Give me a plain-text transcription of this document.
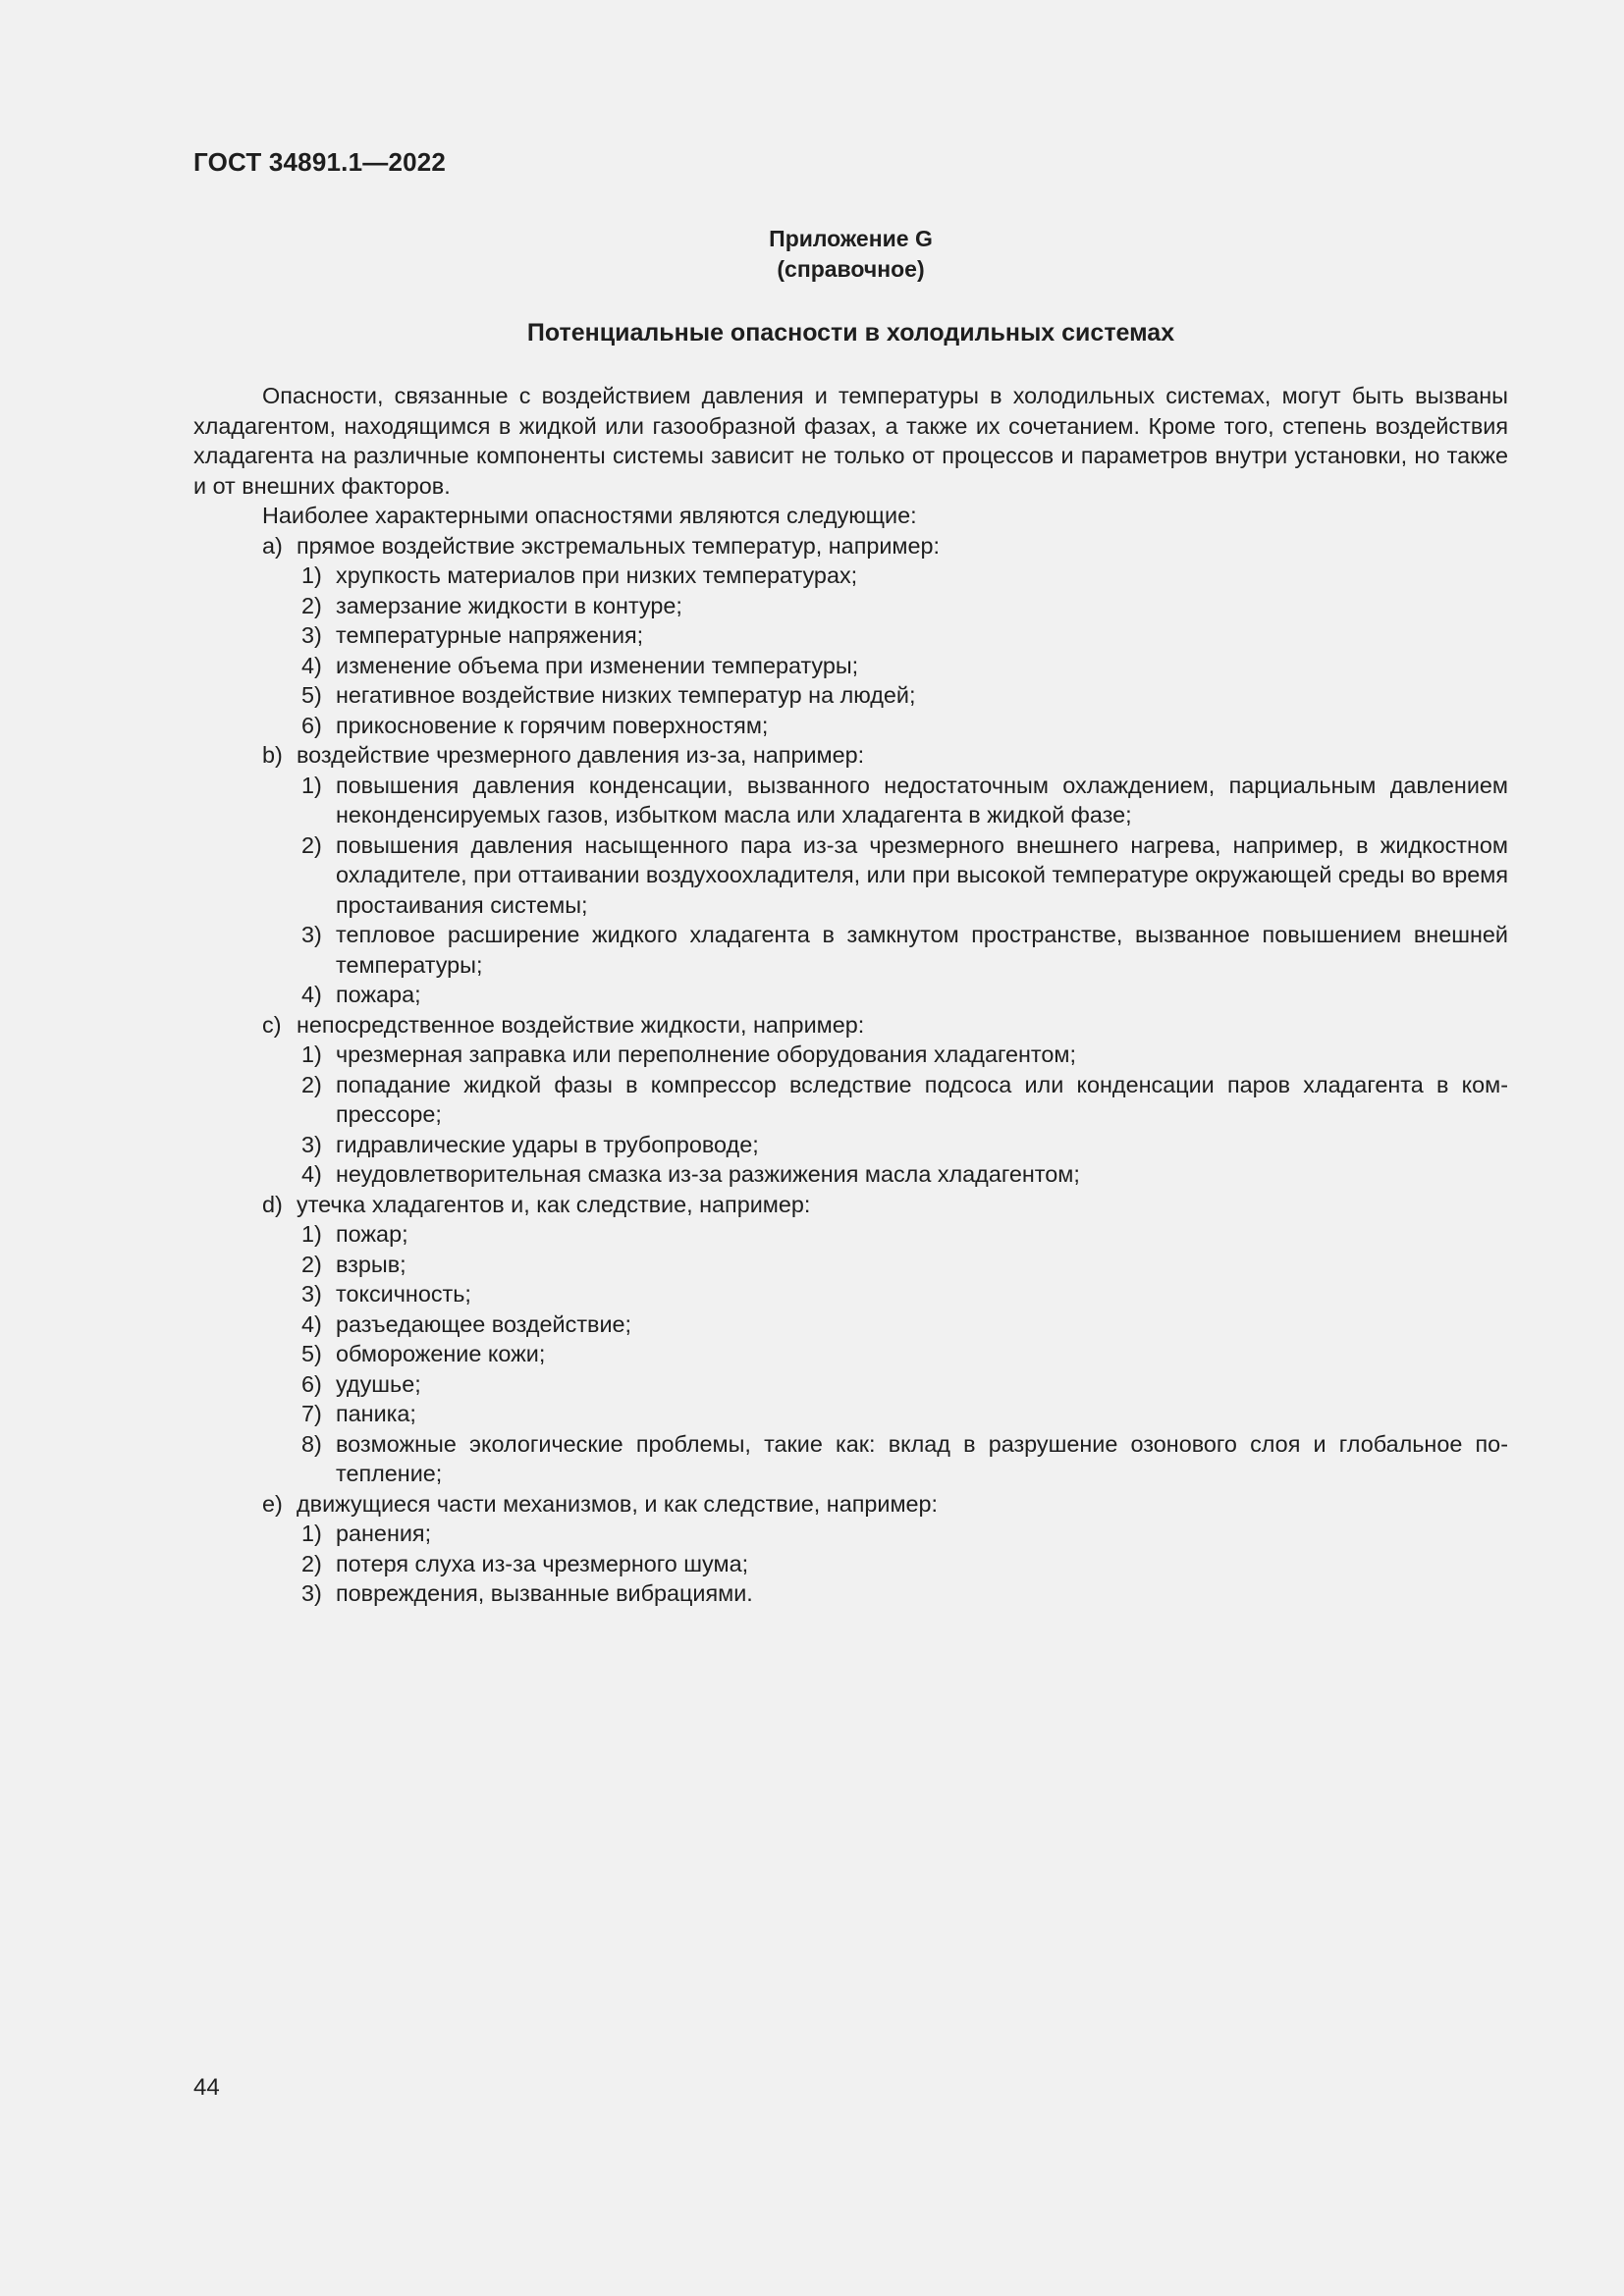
ГОСТ 34891.1—2022
Приложение G
(справочное)
Потенциальные опасности в холодильных системах

Опасности, связанные с воздействием давления и температуры в холодильных системах, могут быть вызваны хладагентом, находящимся в жидкой или газообразной фазах, а также их сочетанием. Кроме того, степень воздействия хладагента на различные компоненты системы зависит не только от процессов и параметров внутри установки, но также и от внешних факторов.

Наиболее характерными опасностями являются следующие:

a) прямое воздействие экстремальных температур, например:
1) хрупкость материалов при низких температурах;
2) замерзание жидкости в контуре;
3) температурные напряжения;
4) изменение объема при изменении температуры;
5) негативное воздействие низких температур на людей;
6) прикосновение к горячим поверхностям;
b) воздействие чрезмерного давления из-за, например:
1) повышения давления конденсации, вызванного недостаточным охлаждением, парциальным давлением неконденсируемых газов, избытком масла или хладагента в жидкой фазе;
2) повышения давления насыщенного пара из-за чрезмерного внешнего нагрева, например, в жидкостном охладителе, при оттаивании воздухоохладителя, или при высокой температуре окружающей среды во время простаивания системы;
3) тепловое расширение жидкого хладагента в замкнутом пространстве, вызванное повышением внешней температуры;
4) пожара;
c) непосредственное воздействие жидкости, например:
1) чрезмерная заправка или переполнение оборудования хладагентом;
2) попадание жидкой фазы в компрессор вследствие подсоса или конденсации паров хладагента в компрессоре;
3) гидравлические удары в трубопроводе;
4) неудовлетворительная смазка из-за разжижения масла хладагентом;
d) утечка хладагентов и, как следствие, например:
1) пожар;
2) взрыв;
3) токсичность;
4) разъедающее воздействие;
5) обморожение кожи;
6) удушье;
7) паника;
8) возможные экологические проблемы, такие как: вклад в разрушение озонового слоя и глобальное потепление;
e) движущиеся части механизмов, и как следствие, например:
1) ранения;
2) потеря слуха из-за чрезмерного шума;
3) повреждения, вызванные вибрациями.
44
